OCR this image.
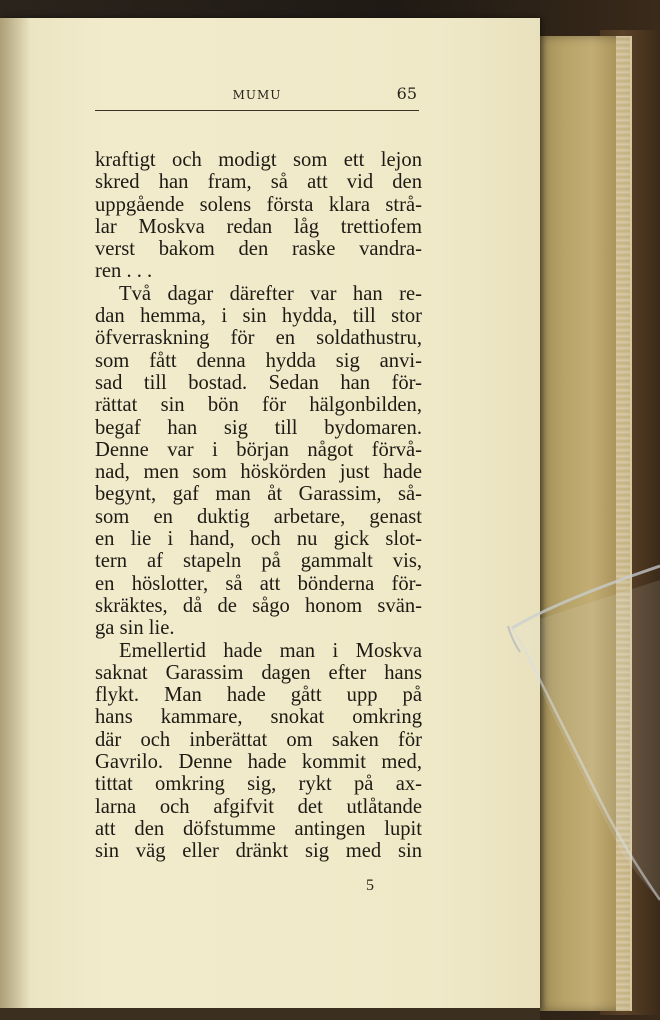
MUMU	65
kraftigt och modigt som ett lejon
skred han fram, så att vid den
uppgående solens första klara strå-
lar Moskva redan låg trettiofem
verst bakom den raske vandra-
ren . . .
Två dagar därefter var han re-
dan hemma, i sin hydda, till stor
öfverraskning för en soldathustru,
som fått denna hydda sig anvi-
sad till bostad. Sedan han för-
rättat sin bön för hälgonbilden,
begaf han sig till bydomaren.
Denne var i början något förvå-
nad, men som höskörden just hade
begynt, gaf man åt Garassim, så-
som en duktig arbetare, genast
en lie i hand, och nu gick slot-
tern af stapeln på gammalt vis,
en höslotter, så att bönderna för-
skräktes, då de sågo honom svän-
ga sin lie.
Emellertid hade man i Moskva
saknat Garassim dagen efter hans
flykt. Man hade gått upp på
hans kammare, snokat omkring
där och inberättat om saken för
Gavrilo. Denne hade kommit med,
tittat omkring sig, rykt på ax-
larna och afgifvit det utlåtande
att den döfstumme antingen lupit
sin väg eller dränkt sig med sin
5
